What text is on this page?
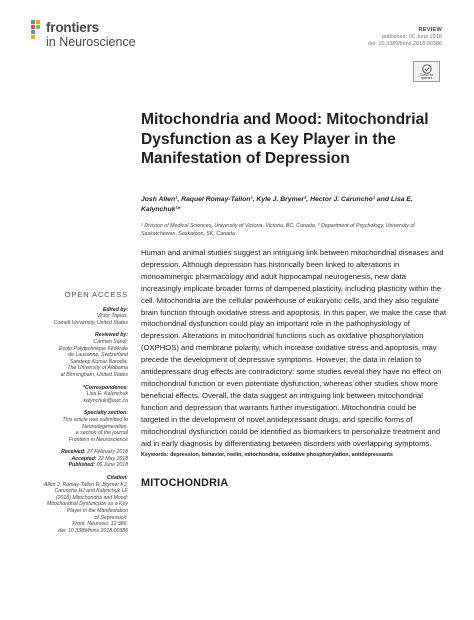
frontiers
in Neuroscience
REVIEW
published: 06 June 2018
doi: 10.3389/fnins.2018.00386
Check for updates
Mitochondria and Mood: Mitochondrial Dysfunction as a Key Player in the Manifestation of Depression
Josh Allen¹, Raquel Romay-Tallon¹, Kyle J. Brymer², Hector J. Caruncho¹ and Lisa E. Kalynchuk¹*
¹ Division of Medical Sciences, University of Victoria, Victoria, BC, Canada, ² Department of Psychology, University of Saskatchewan, Saskatoon, SK, Canada

Human and animal studies suggest an intriguing link between mitochondrial diseases and depression. Although depression has historically been linked to alterations in monoaminergic pharmacology and adult hippocampal neurogenesis, new data increasingly implicate broader forms of dampened plasticity, including plasticity within the cell. Mitochondria are the cellular powerhouse of eukaryotic cells, and they also regulate brain function through oxidative stress and apoptosis. In this paper, we make the case that mitochondrial dysfunction could play an important role in the pathophysiology of depression. Alterations in mitochondrial functions such as oxidative phosphorylation (OXPHOS) and membrane polarity, which increase oxidative stress and apoptosis, may precede the development of depressive symptoms. However, the data in relation to antidepressant drug effects are contradictory: some studies reveal they have no effect on mitochondrial function or even potentiate dysfunction, whereas other studies show more beneficial effects. Overall, the data suggest an intriguing link between mitochondrial function and depression that warrants further investigation. Mitochondria could be targeted in the development of novel antidepressant drugs, and specific forms of mitochondrial dysfunction could be identified as biomarkers to personalize treatment and aid in early diagnosis by differentiating between disorders with overlapping symptoms.

Keywords: depression, behavior, reelin, mitochondria, oxidative phosphorylation, antidepressants
MITOCHONDRIA
OPEN ACCESS
Edited by:
Victor Tapias,
Cornell University, United States
Reviewed by:
Carmen Sandi,
École Polytechnique Fédérale
de Lausanne, Switzerland
Sandeep Kumar Barodia,
The University of Alabama
at Birmingham, United States
*Correspondence:
Lisa E. Kalynchuk
kalynchuk@uvic.ca
Specialty section:
This article was submitted to
Neurodegeneration,
a section of the journal
Frontiers in Neuroscience
Received: 27 February 2018
Accepted: 22 May 2018
Published: 06 June 2018
Citation:
Allen J, Romay-Tallon R, Brymer KJ,
Caruncho HJ and Kalynchuk LE
(2018) Mitochondria and Mood:
Mitochondrial Dysfunction as a Key
Player in the Manifestation
of Depression.
Front. Neurosci. 12:386.
doi: 10.3389/fnins.2018.00386
